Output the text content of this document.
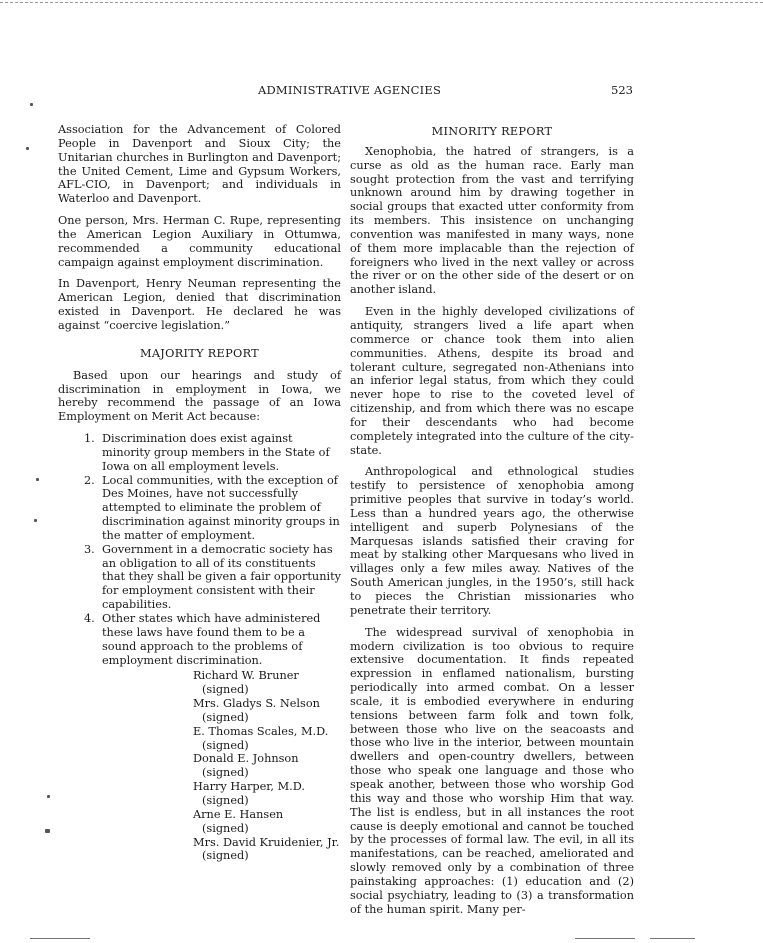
ADMINISTRATIVE AGENCIES	523

Association for the Advancement of Colored People in Davenport and Sioux City; the Unitarian churches in Burlington and Davenport; the United Cement, Lime and Gypsum Workers, AFL-CIO, in Davenport; and individuals in Waterloo and Davenport.

One person, Mrs. Herman C. Rupe, representing the American Legion Auxiliary in Ottumwa, recommended a community educational campaign against employment discrimination.

In Davenport, Henry Neuman representing the American Legion, denied that discrimination existed in Davenport. He declared he was against “coercive legislation.”

MAJORITY REPORT

Based upon our hearings and study of discrimination in employment in Iowa, we hereby recommend the passage of an Iowa Employment on Merit Act because:

1. Discrimination does exist against minority group members in the State of Iowa on all employment levels.
2. Local communities, with the exception of Des Moines, have not successfully attempted to eliminate the problem of discrimination against minority groups in the matter of employment.
3. Government in a democratic society has an obligation to all of its constituents that they shall be given a fair opportunity for employment consistent with their capabilities.
4. Other states which have administered these laws have found them to be a sound approach to the problems of employment discrimination.
Richard W. Bruner
(signed)
Mrs. Gladys S. Nelson
(signed)
E. Thomas Scales, M.D.
(signed)
Donald E. Johnson
(signed)
Harry Harper, M.D.
(signed)
Arne E. Hansen
(signed)
Mrs. David Kruidenier, Jr.
(signed)
MINORITY REPORT

Xenophobia, the hatred of strangers, is a curse as old as the human race. Early man sought protection from the vast and terrifying unknown around him by drawing together in social groups that exacted utter conformity from its members. This insistence on unchanging convention was manifested in many ways, none of them more implacable than the rejection of foreigners who lived in the next valley or across the river or on the other side of the desert or on another island.

Even in the highly developed civilizations of antiquity, strangers lived a life apart when commerce or chance took them into alien communities. Athens, despite its broad and tolerant culture, segregated non-Athenians into an inferior legal status, from which they could never hope to rise to the coveted level of citizenship, and from which there was no escape for their descendants who had become completely integrated into the culture of the city-state.

Anthropological and ethnological studies testify to persistence of xenophobia among primitive peoples that survive in today’s world. Less than a hundred years ago, the otherwise intelligent and superb Polynesians of the Marquesas islands satisfied their craving for meat by stalking other Marquesans who lived in villages only a few miles away. Natives of the South American jungles, in the 1950’s, still hack to pieces the Christian missionaries who penetrate their territory.

The widespread survival of xenophobia in modern civilization is too obvious to require extensive documentation. It finds repeated expression in enflamed nationalism, bursting periodically into armed combat. On a lesser scale, it is embodied everywhere in enduring tensions between farm folk and town folk, between those who live on the seacoasts and those who live in the interior, between mountain dwellers and open-country dwellers, between those who speak one language and those who speak another, between those who worship God this way and those who worship Him that way. The list is endless, but in all instances the root cause is deeply emotional and cannot be touched by the processes of formal law. The evil, in all its manifestations, can be reached, ameliorated and slowly removed only by a combination of three painstaking approaches: (1) education and (2) social psychiatry, leading to (3) a transformation of the human spirit. Many per-
